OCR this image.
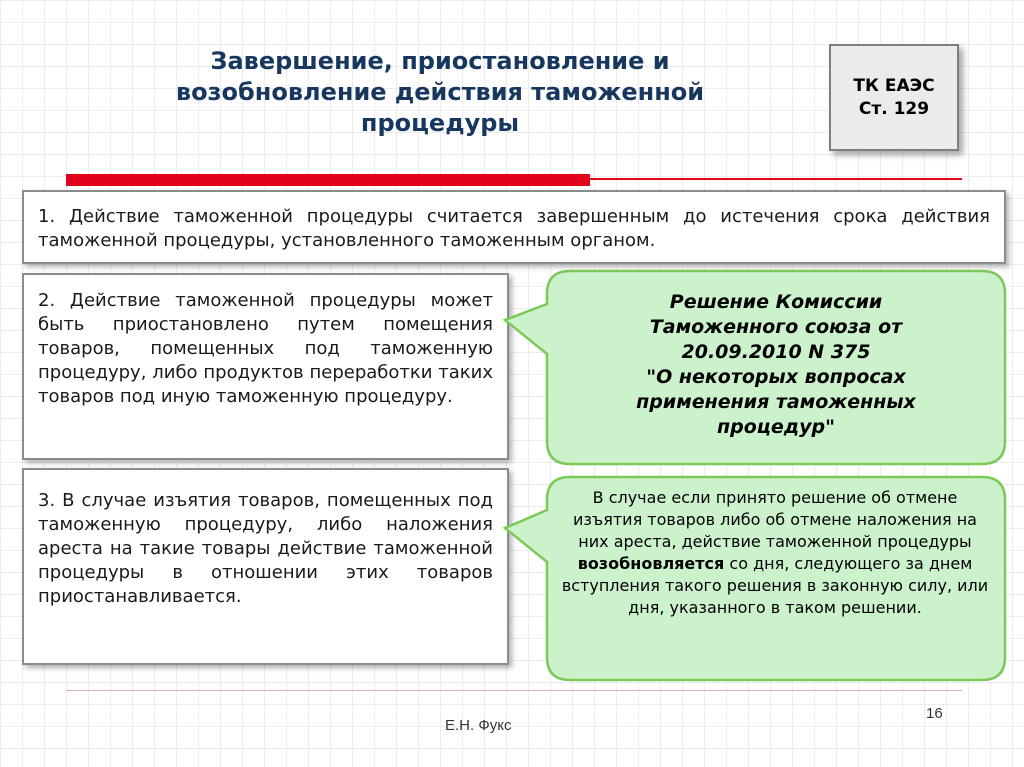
Завершение, приостановление и
возобновление действия таможенной
процедуры
ТК ЕАЭС
Ст. 129
1. Действие таможенной процедуры считается завершенным до истечения срока действия таможенной процедуры, установленного таможенным органом.
2. Действие таможенной процедуры может быть приостановлено путем помещения товаров, помещенных под таможенную процедуру, либо продуктов переработки таких товаров под иную таможенную процедуру.
3. В случае изъятия товаров, помещенных под таможенную процедуру, либо наложения ареста на такие товары действие таможенной процедуры в отношении этих товаров приостанавливается.
Решение Комиссии
Таможенного союза от
20.09.2010 N 375
"О некоторых вопросах
применения таможенных
процедур"
В случае если принято решение об отмене изъятия товаров либо об отмене наложения на них ареста, действие таможенной процедуры возобновляется со дня, следующего за днем вступления такого решения в законную силу, или дня, указанного в таком решении.
Е.Н. Фукс
16
